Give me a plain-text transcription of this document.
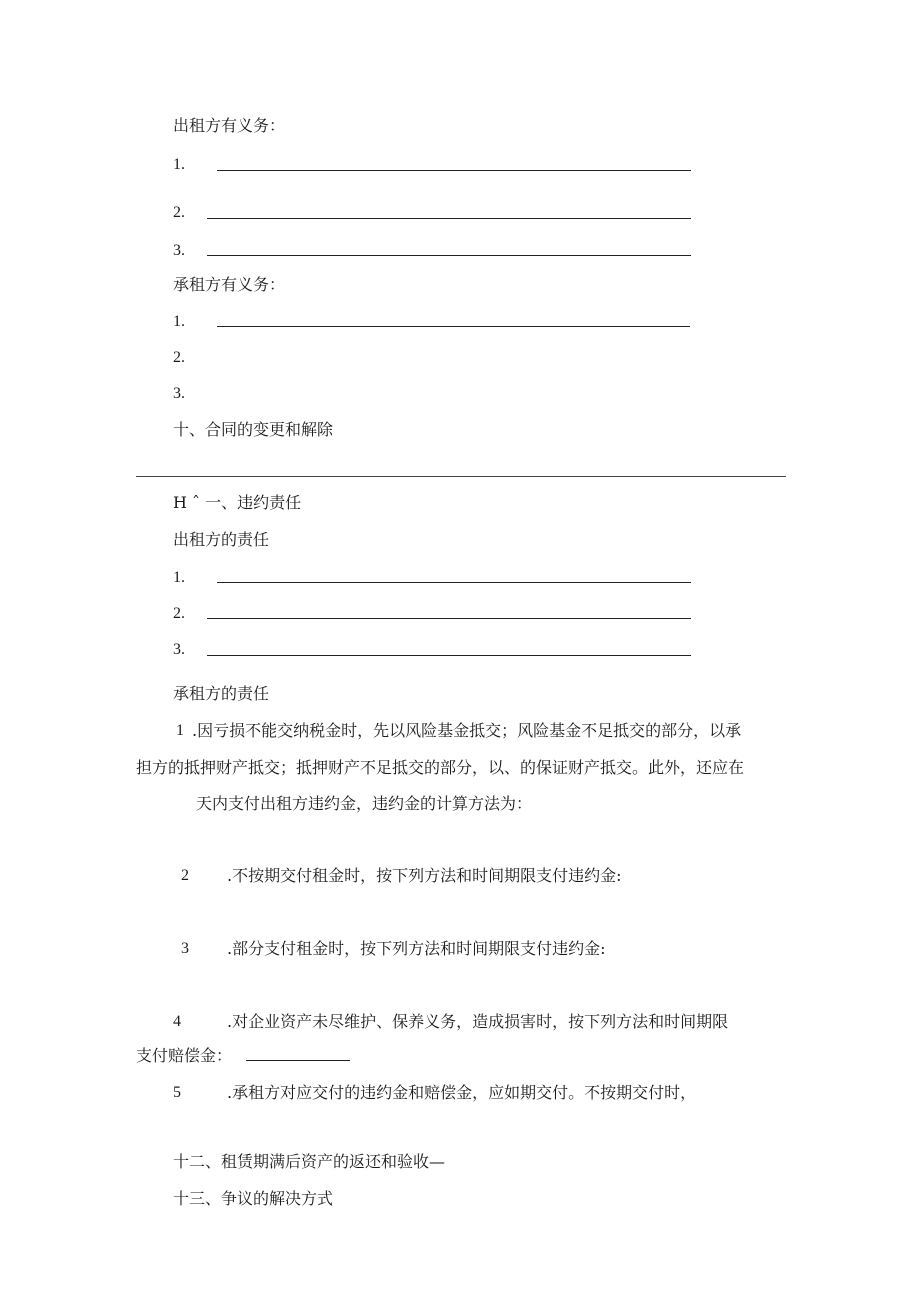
出租方有义务：
1.
2.
3.
承租方有义务：
1.
2.
3.
十、合同的变更和解除
H ˆ 一、违约责任
出租方的责任
1.
2.
3.
承租方的责任
1 .因亏损不能交纳税金时，先以风险基金抵交；风险基金不足抵交的部分，以承
担方的抵押财产抵交；抵押财产不足抵交的部分，以、的保证财产抵交。此外，还应在
天内支付出租方违约金，违约金的计算方法为：
2 .不按期交付租金时，按下列方法和时间期限支付违约金:
3 .部分支付租金时，按下列方法和时间期限支付违约金:
4	.对企业资产未尽维护、保养义务，造成损害时，按下列方法和时间期限
支付赔偿金：
5	.承租方对应交付的违约金和赔偿金，应如期交付。不按期交付时，
十二、租赁期满后资产的返还和验收—
十三、争议的解决方式
